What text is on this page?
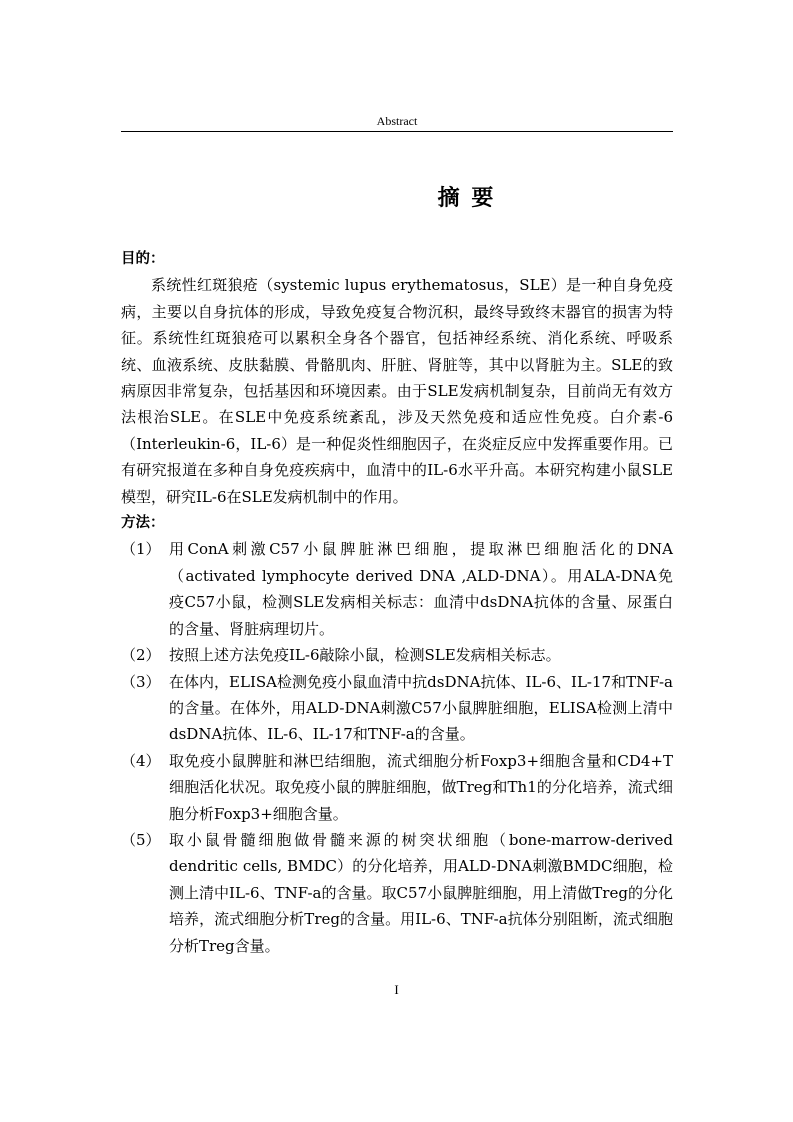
Abstract
摘 要
目的：
系统性红斑狼疮（systemic lupus erythematosus，SLE）是一种自身免疫病，主要以自身抗体的形成，导致免疫复合物沉积，最终导致终末器官的损害为特征。系统性红斑狼疮可以累积全身各个器官，包括神经系统、消化系统、呼吸系统、血液系统、皮肤黏膜、骨骼肌肉、肝脏、肾脏等，其中以肾脏为主。SLE的致病原因非常复杂，包括基因和环境因素。由于SLE发病机制复杂，目前尚无有效方法根治SLE。在SLE中免疫系统紊乱，涉及天然免疫和适应性免疫。白介素-6（Interleukin-6，IL-6）是一种促炎性细胞因子，在炎症反应中发挥重要作用。已有研究报道在多种自身免疫疾病中，血清中的IL-6水平升高。本研究构建小鼠SLE模型，研究IL-6在SLE发病机制中的作用。
方法：
（1） 用ConA刺激C57小鼠脾脏淋巴细胞，提取淋巴细胞活化的DNA（activated lymphocyte derived DNA ,ALD-DNA）。用ALA-DNA免疫C57小鼠，检测SLE发病相关标志：血清中dsDNA抗体的含量、尿蛋白的含量、肾脏病理切片。
（2） 按照上述方法免疫IL-6敲除小鼠，检测SLE发病相关标志。
（3） 在体内，ELISA检测免疫小鼠血清中抗dsDNA抗体、IL-6、IL-17和TNF-a的含量。在体外，用ALD-DNA刺激C57小鼠脾脏细胞，ELISA检测上清中dsDNA抗体、IL-6、IL-17和TNF-a的含量。
（4） 取免疫小鼠脾脏和淋巴结细胞，流式细胞分析Foxp3+细胞含量和CD4+T细胞活化状况。取免疫小鼠的脾脏细胞，做Treg和Th1的分化培养，流式细胞分析Foxp3+细胞含量。
（5） 取小鼠骨髓细胞做骨髓来源的树突状细胞（bone-marrow-derived dendritic cells, BMDC）的分化培养，用ALD-DNA刺激BMDC细胞，检测上清中IL-6、TNF-a的含量。取C57小鼠脾脏细胞，用上清做Treg的分化培养，流式细胞分析Treg的含量。用IL-6、TNF-a抗体分别阻断，流式细胞分析Treg含量。
I
